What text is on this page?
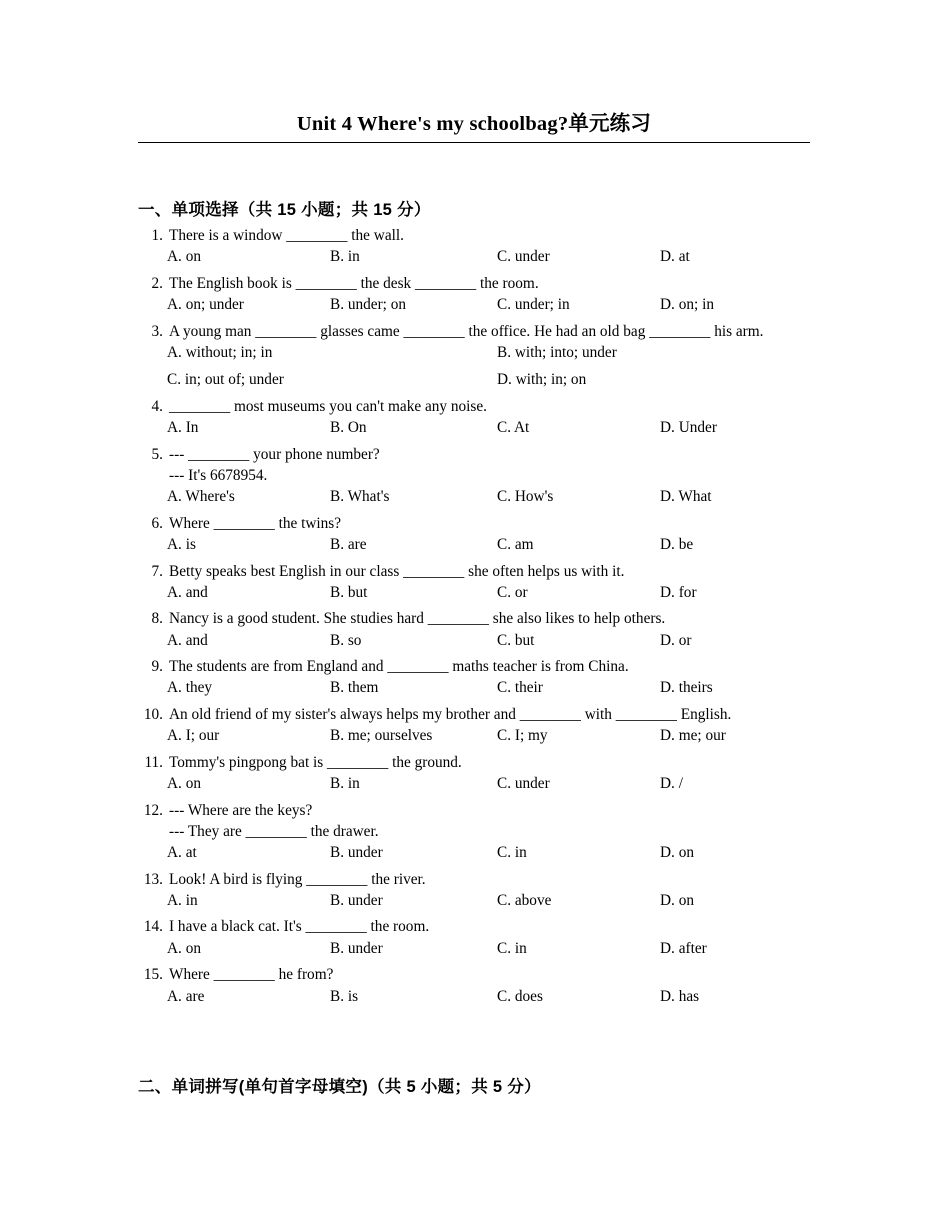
Unit 4 Where's my schoolbag?单元练习
一、单项选择（共 15 小题；共 15 分）
1. There is a window ________ the wall.
A. on	B. in	C. under	D. at
2. The English book is ________ the desk ________ the room.
A. on; under	B. under; on	C. under; in	D. on; in
3. A young man ________ glasses came ________ the office. He had an old bag ________ his arm.
A. without; in; in	B. with; into; under
C. in; out of; under	D. with; in; on
4. ________ most museums you can't make any noise.
A. In	B. On	C. At	D. Under
5. --- ________ your phone number?
--- It's 6678954.
A. Where's	B. What's	C. How's	D. What
6. Where ________ the twins?
A. is	B. are	C. am	D. be
7. Betty speaks best English in our class ________ she often helps us with it.
A. and	B. but	C. or	D. for
8. Nancy is a good student. She studies hard ________ she also likes to help others.
A. and	B. so	C. but	D. or
9. The students are from England and ________ maths teacher is from China.
A. they	B. them	C. their	D. theirs
10. An old friend of my sister's always helps my brother and ________ with ________ English.
A. I; our	B. me; ourselves	C. I; my	D. me; our
11. Tommy's pingpong bat is ________ the ground.
A. on	B. in	C. under	D. /
12. --- Where are the keys?
--- They are ________ the drawer.
A. at	B. under	C. in	D. on
13. Look! A bird is flying ________ the river.
A. in	B. under	C. above	D. on
14. I have a black cat. It's ________ the room.
A. on	B. under	C. in	D. after
15. Where ________ he from?
A. are	B. is	C. does	D. has
二、单词拼写(单句首字母填空)（共 5 小题；共 5 分）
